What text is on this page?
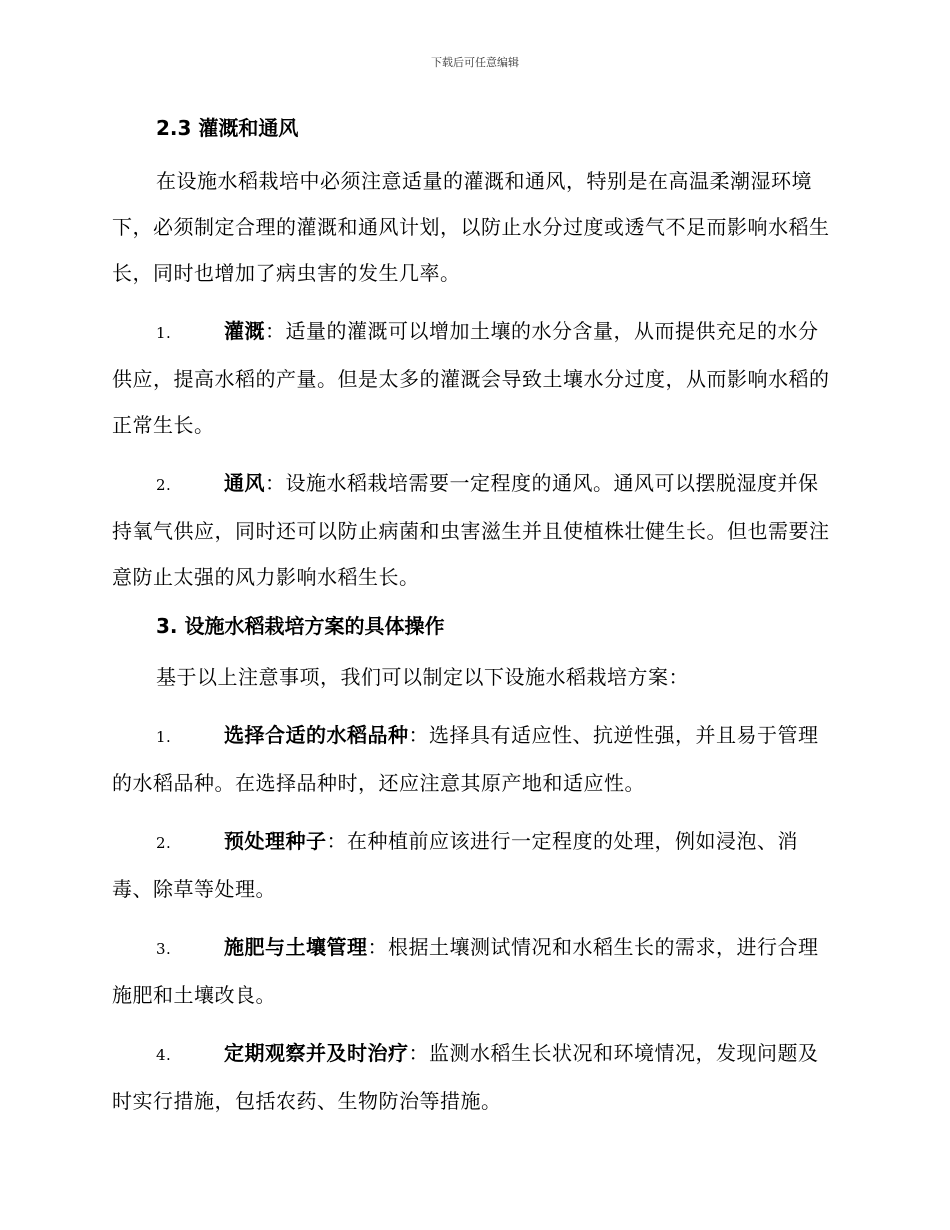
下载后可任意编辑
2.3 灌溉和通风

在设施水稻栽培中必须注意适量的灌溉和通风，特别是在高温柔潮湿环境下，必须制定合理的灌溉和通风计划，以防止水分过度或透气不足而影响水稻生长，同时也增加了病虫害的发生几率。

1.	灌溉：适量的灌溉可以增加土壤的水分含量，从而提供充足的水分供应，提高水稻的产量。但是太多的灌溉会导致土壤水分过度，从而影响水稻的正常生长。
2.	通风：设施水稻栽培需要一定程度的通风。通风可以摆脱湿度并保持氧气供应，同时还可以防止病菌和虫害滋生并且使植株壮健生长。但也需要注意防止太强的风力影响水稻生长。
3. 设施水稻栽培方案的具体操作

基于以上注意事项，我们可以制定以下设施水稻栽培方案：

1.	选择合适的水稻品种：选择具有适应性、抗逆性强，并且易于管理的水稻品种。在选择品种时，还应注意其原产地和适应性。
2.	预处理种子：在种植前应该进行一定程度的处理，例如浸泡、消毒、除草等处理。
3.	施肥与土壤管理：根据土壤测试情况和水稻生长的需求，进行合理施肥和土壤改良。
4.	定期观察并及时治疗：监测水稻生长状况和环境情况，发现问题及时实行措施，包括农药、生物防治等措施。
